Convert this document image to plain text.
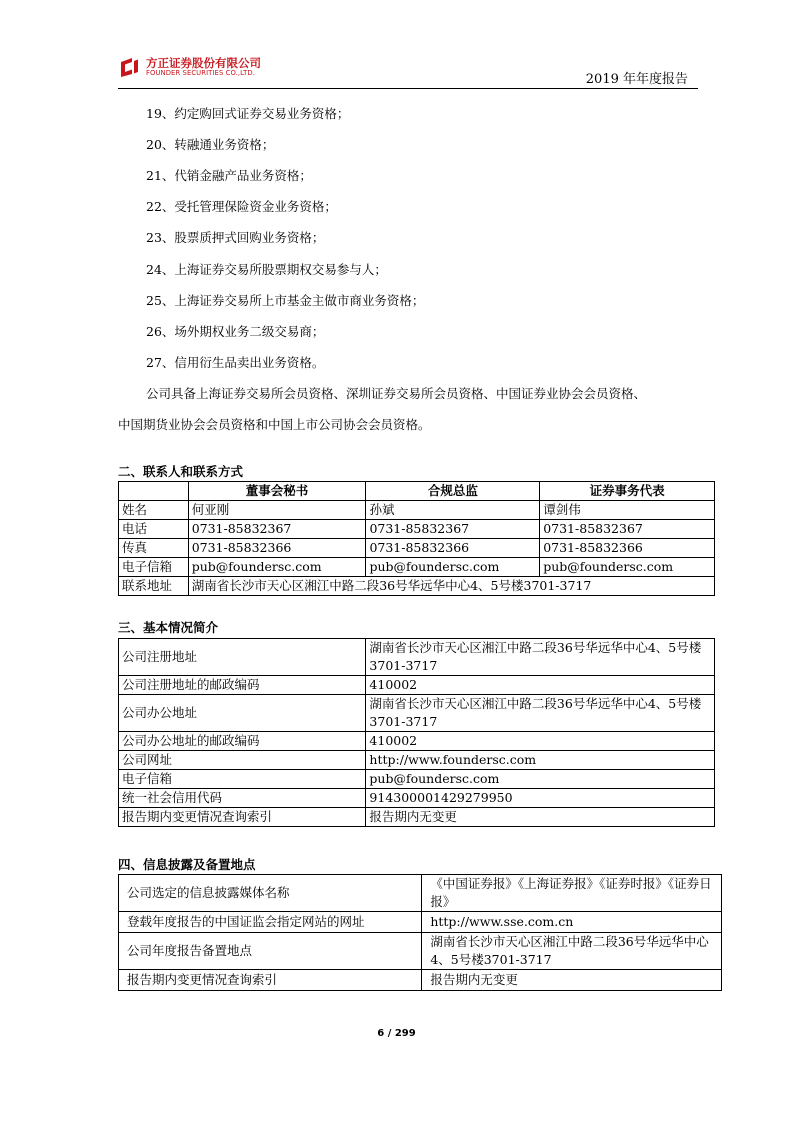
方正证券股份有限公司
FOUNDER SECURITIES CO.,LTD.	2019 年年度报告
19、约定购回式证券交易业务资格；
20、转融通业务资格；
21、代销金融产品业务资格；
22、受托管理保险资金业务资格；
23、股票质押式回购业务资格；
24、上海证券交易所股票期权交易参与人；
25、上海证券交易所上市基金主做市商业务资格；
26、场外期权业务二级交易商；
27、信用衍生品卖出业务资格。
公司具备上海证券交易所会员资格、深圳证券交易所会员资格、中国证券业协会会员资格、
中国期货业协会会员资格和中国上市公司协会会员资格。
二、联系人和联系方式
	董事会秘书	合规总监	证券事务代表
姓名	何亚刚	孙斌	谭剑伟
电话	0731-85832367	0731-85832367	0731-85832367
传真	0731-85832366	0731-85832366	0731-85832366
电子信箱	pub@foundersc.com	pub@foundersc.com	pub@foundersc.com
联系地址	湖南省长沙市天心区湘江中路二段36号华远华中心4、5号楼3701-3717		
三、基本情况简介
公司注册地址	湖南省长沙市天心区湘江中路二段36号华远华中心4、5号楼3701-3717
公司注册地址的邮政编码	410002
公司办公地址	湖南省长沙市天心区湘江中路二段36号华远华中心4、5号楼3701-3717
公司办公地址的邮政编码	410002
公司网址	http://www.foundersc.com
电子信箱	pub@foundersc.com
统一社会信用代码	914300001429279950
报告期内变更情况查询索引	报告期内无变更
四、信息披露及备置地点
公司选定的信息披露媒体名称	《中国证券报》《上海证券报》《证券时报》《证券日报》
登载年度报告的中国证监会指定网站的网址	http://www.sse.com.cn
公司年度报告备置地点	湖南省长沙市天心区湘江中路二段36号华远华中心4、5号楼3701-3717
报告期内变更情况查询索引	报告期内无变更
6 / 299
